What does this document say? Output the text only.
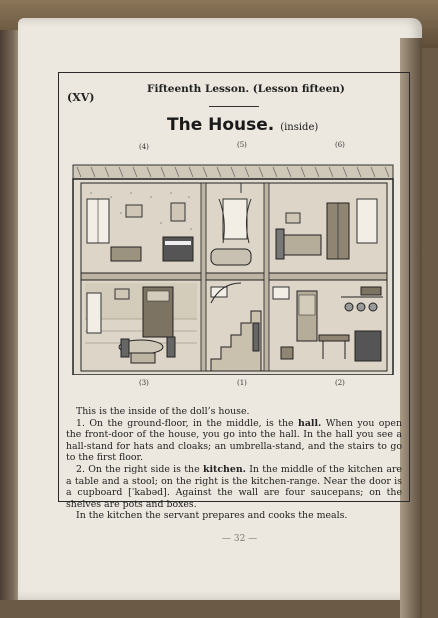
(XV)
Fifteenth Lesson. (Lesson fifteen)
The House. (inside)
(4)	(5)	(6)
(3)	(1)	(2)

This is the inside of the doll’s house.

1. On the ground-floor, in the middle, is the hall. When you open the front-door of the house, you go into the hall. In the hall you see a hall-stand for hats and cloaks; an umbrella-stand, and the stairs to go to the first floor.

2. On the right side is the kitchen. In the middle of the kitchen are a table and a stool; on the right is the kitchen-range. Near the door is a cupboard [ˈkabəd]. Against the wall are four saucepans; on the shelves are pots and boxes.

In the kitchen the servant prepares and cooks the meals.

— 32 —
